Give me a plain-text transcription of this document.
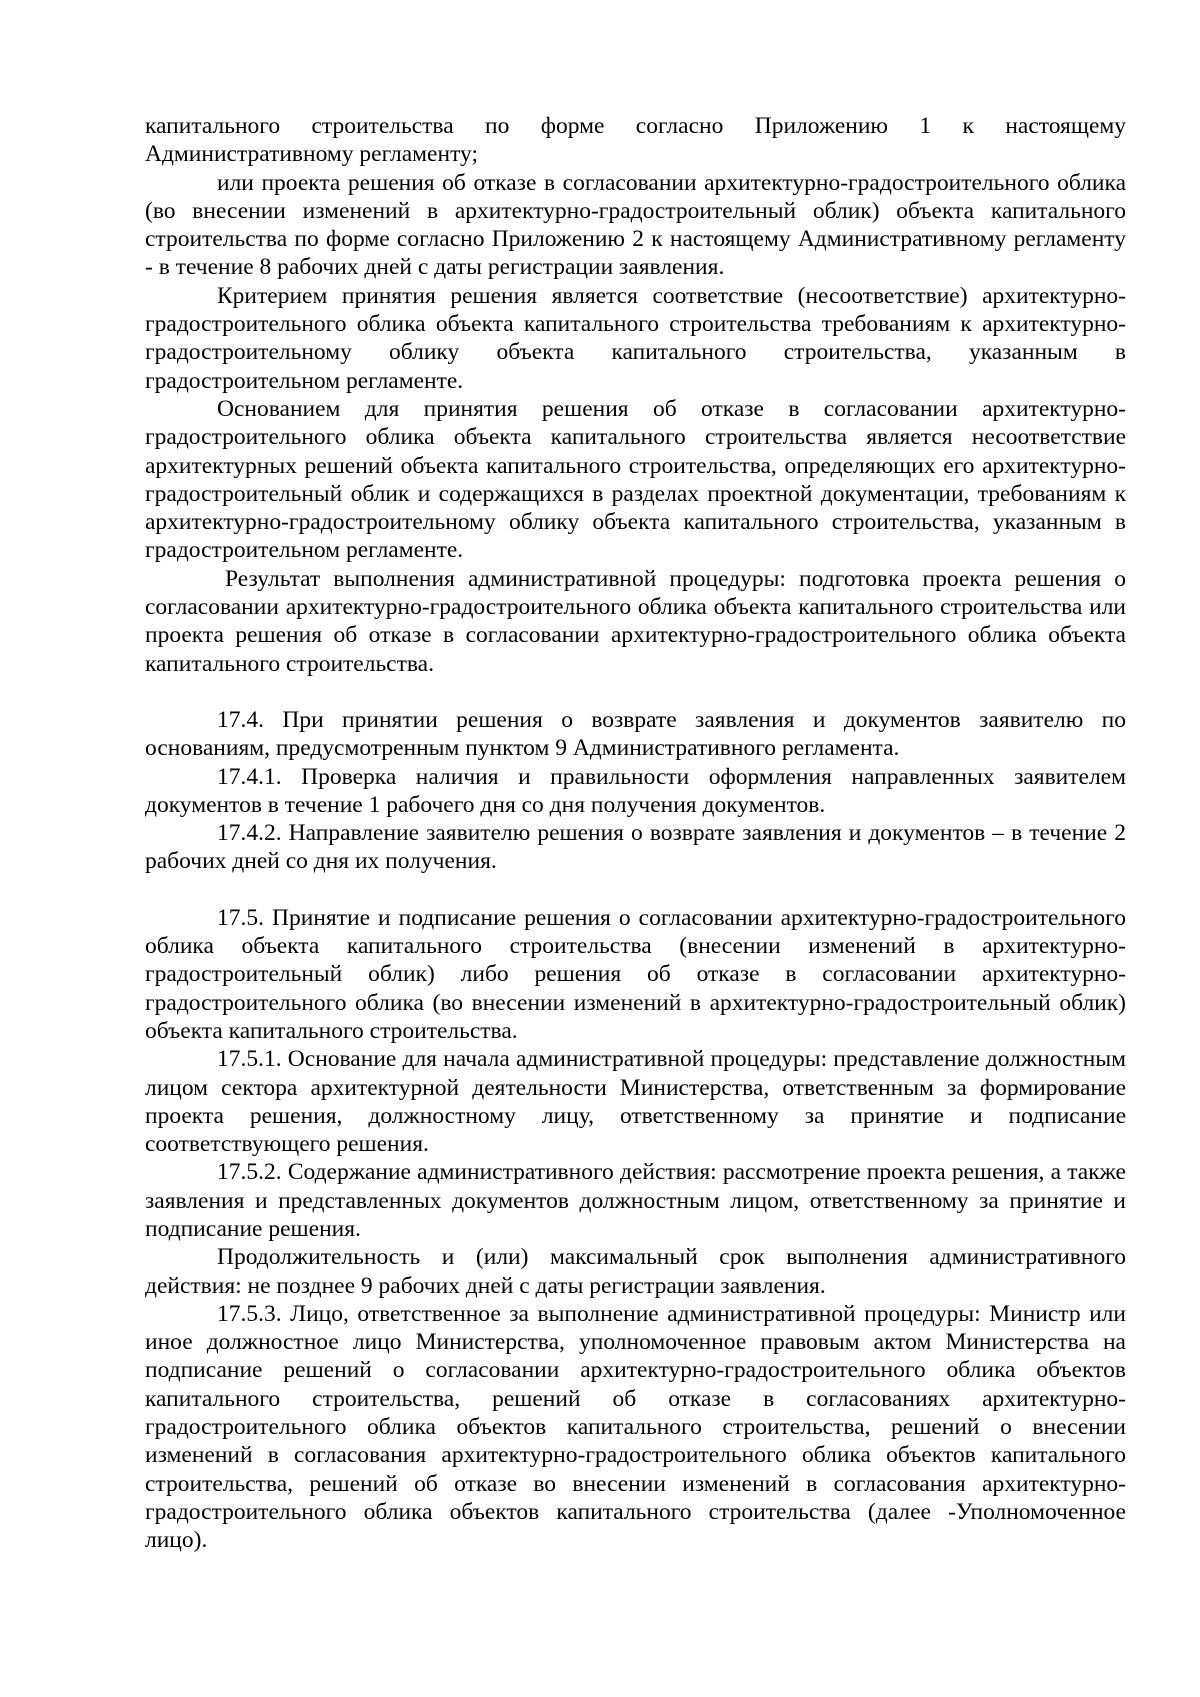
капитального строительства по форме согласно Приложению 1 к настоящему Административному регламенту;

или проекта решения об отказе в согласовании архитектурно-градостроительного облика (во внесении изменений в архитектурно-градостроительный облик) объекта капитального строительства по форме согласно Приложению 2 к настоящему Административному регламенту - в течение 8 рабочих дней с даты регистрации заявления.

Критерием принятия решения является соответствие (несоответствие) архитектурно-градостроительного облика объекта капитального строительства требованиям к архитектурно-градостроительному облику объекта капитального строительства, указанным в градостроительном регламенте.

Основанием для принятия решения об отказе в согласовании архитектурно-градостроительного облика объекта капитального строительства является несоответствие архитектурных решений объекта капитального строительства, определяющих его архитектурно-градостроительный облик и содержащихся в разделах проектной документации, требованиям к архитектурно-градостроительному облику объекта капитального строительства, указанным в градостроительном регламенте.

Результат выполнения административной процедуры: подготовка проекта решения о согласовании архитектурно-градостроительного облика объекта капитального строительства или проекта решения об отказе в согласовании архитектурно-градостроительного облика объекта капитального строительства.

17.4. При принятии решения о возврате заявления и документов заявителю по основаниям, предусмотренным пунктом 9 Административного регламента.

17.4.1. Проверка наличия и правильности оформления направленных заявителем документов в течение 1 рабочего дня со дня получения документов.

17.4.2. Направление заявителю решения о возврате заявления и документов – в течение 2 рабочих дней со дня их получения.

17.5. Принятие и подписание решения о согласовании архитектурно-градостроительного облика объекта капитального строительства (внесении изменений в архитектурно-градостроительный облик) либо решения об отказе в согласовании архитектурно-градостроительного облика (во внесении изменений в архитектурно-градостроительный облик) объекта капитального строительства.

17.5.1. Основание для начала административной процедуры: представление должностным лицом сектора архитектурной деятельности Министерства, ответственным за формирование проекта решения, должностному лицу, ответственному за принятие и подписание соответствующего решения.

17.5.2. Содержание административного действия: рассмотрение проекта решения, а также заявления и представленных документов должностным лицом, ответственному за принятие и подписание решения.

Продолжительность и (или) максимальный срок выполнения административного действия: не позднее 9 рабочих дней с даты регистрации заявления.

17.5.3. Лицо, ответственное за выполнение административной процедуры: Министр или иное должностное лицо Министерства, уполномоченное правовым актом Министерства на подписание решений о согласовании архитектурно-градостроительного облика объектов капитального строительства, решений об отказе в согласованиях архитектурно-градостроительного облика объектов капитального строительства, решений о внесении изменений в согласования архитектурно-градостроительного облика объектов капитального строительства, решений об отказе во внесении изменений в согласования архитектурно-градостроительного облика объектов капитального строительства (далее -Уполномоченное лицо).
